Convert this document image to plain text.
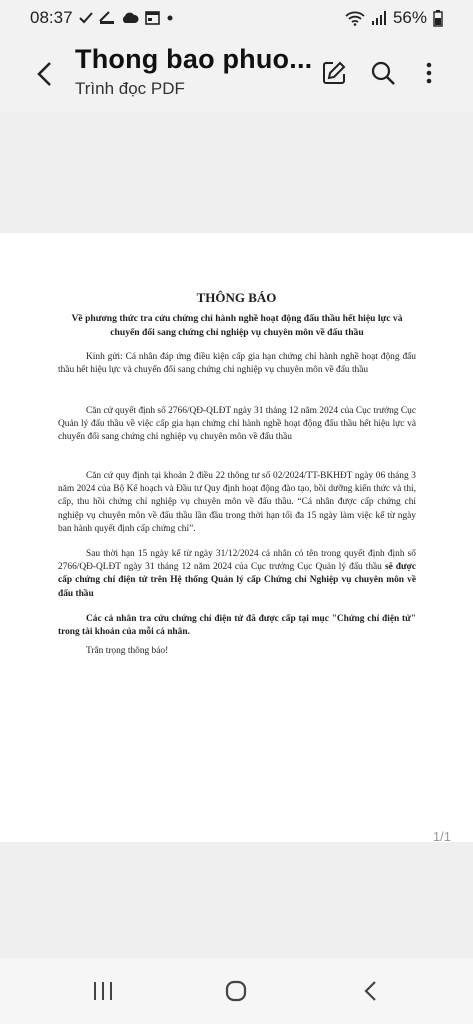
08:37	56%
Thong bao phuo...
Trình đọc PDF
THÔNG BÁO
Về phương thức tra cứu chứng chỉ hành nghề hoạt động đấu thầu hết hiệu lực và chuyển đổi sang chứng chỉ nghiệp vụ chuyên môn về đấu thầu
Kính gửi: Cá nhân đáp ứng điều kiện cấp gia hạn chứng chỉ hành nghề hoạt động đấu thầu hết hiệu lực và chuyển đổi sang chứng chỉ nghiệp vụ chuyên môn về đấu thầu
Căn cứ quyết định số 2766/QĐ-QLĐT ngày 31 tháng 12 năm 2024 của Cục trưởng Cục Quản lý đấu thầu về việc cấp gia hạn chứng chỉ hành nghề hoạt động đấu thầu hết hiệu lực và chuyển đổi sang chứng chỉ nghiệp vụ chuyên môn về đấu thầu
Căn cứ quy định tại khoản 2 điều 22 thông tư số 02/2024/TT-BKHĐT ngày 06 tháng 3 năm 2024 của Bộ Kế hoạch và Đầu tư Quy định hoạt động đào tạo, bồi dưỡng kiến thức và thi, cấp, thu hồi chứng chỉ nghiệp vụ chuyên môn về đấu thầu. “Cá nhân được cấp chứng chỉ nghiệp vụ chuyên môn về đấu thầu lần đầu trong thời hạn tối đa 15 ngày làm việc kể từ ngày ban hành quyết định cấp chứng chỉ”.
Sau thời hạn 15 ngày kể từ ngày 31/12/2024 cá nhân có tên trong quyết định định số 2766/QĐ-QLĐT ngày 31 tháng 12 năm 2024 của Cục trưởng Cục Quản lý đấu thầu sẽ được cấp chứng chỉ điện tử trên Hệ thống Quản lý cấp Chứng chỉ Nghiệp vụ chuyên môn về đấu thầu
Các cá nhân tra cứu chứng chỉ điện tử đã được cấp tại mục "Chứng chỉ điện tử" trong tài khoản của mỗi cá nhân.
Trân trọng thông báo!
1/1
